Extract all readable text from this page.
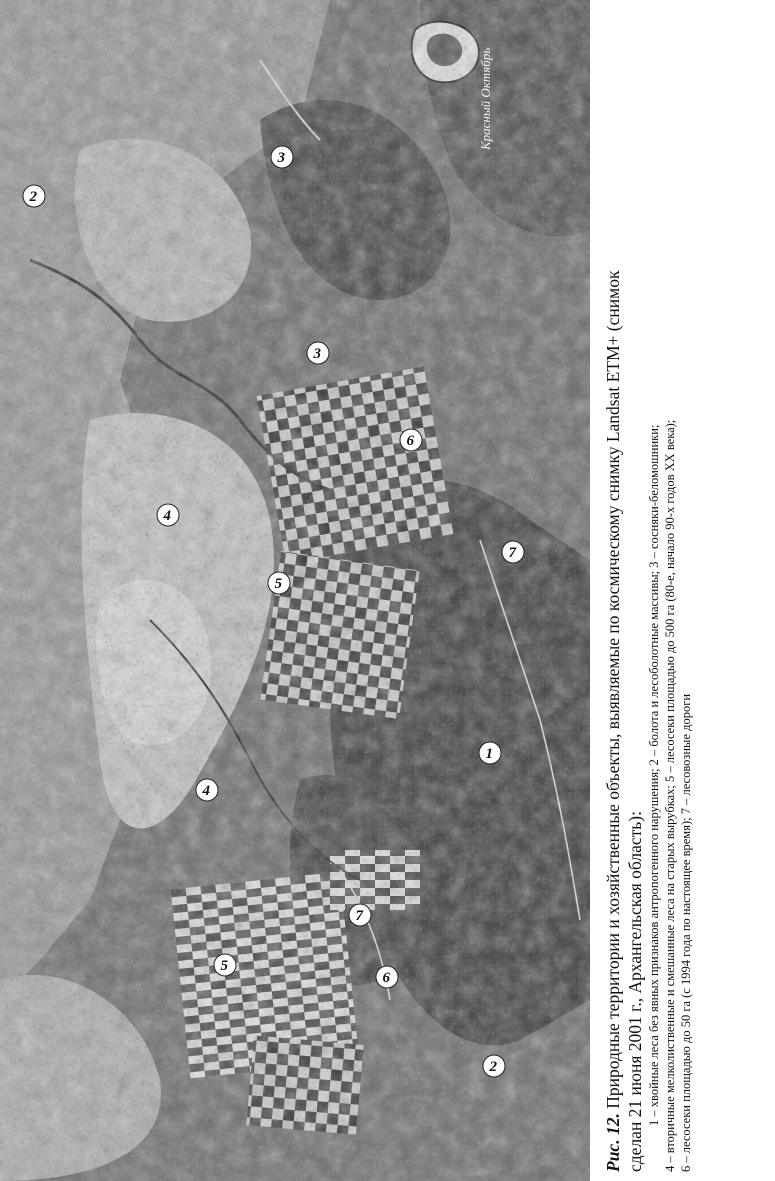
Красный Октябрь
2
3
3
6
4
7
5
1
4
7
5
6
2

Рис. 12. Природные территории и хозяйственные объекты, выявляемые по космическому снимку Landsat ETM+ (снимок сделан 21 июня 2001 г., Архангельская область): 1 – хвойные леса без явных признаков антропогенного нарушения; 2 – болота и лесоболотные массивы; 3 – сосняки-беломошники; 4 – вторичные мелколиственные и смешанные леса на старых вырубках; 5 – лесосеки площадью до 500 га (80-е, начало 90-х годов XX века); 6 – лесосеки площадью до 50 га (с 1994 года по настоящее время); 7 – лесовозные дороги
